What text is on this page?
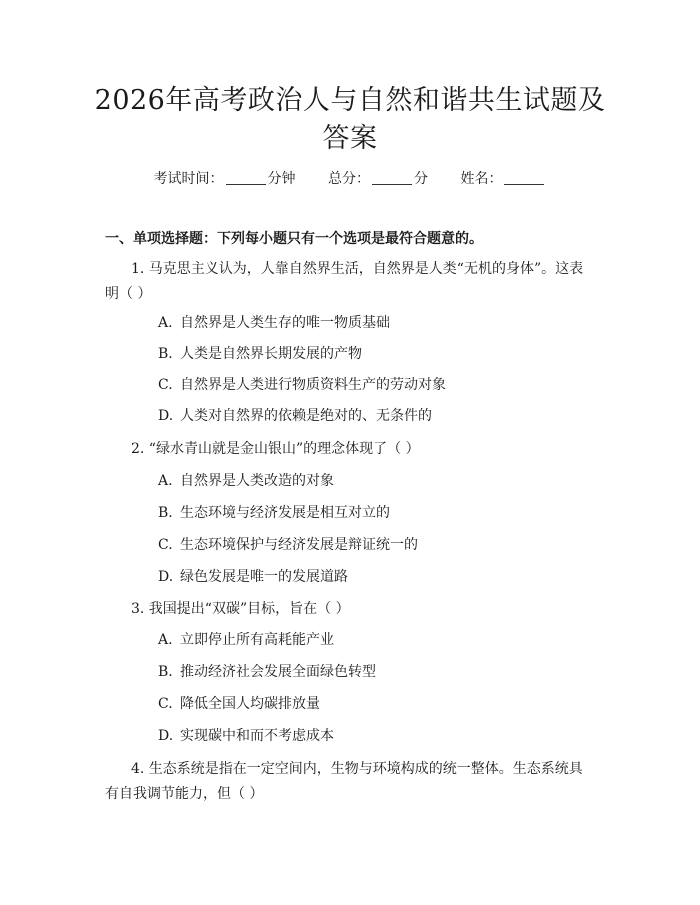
2026年高考政治人与自然和谐共生试题及答案
考试时间：	分钟 总分：	分 姓名：
一、单项选择题：下列每小题只有一个选项是最符合题意的。
1. 马克思主义认为，人靠自然界生活，自然界是人类“无机的身体”。这表明（ ）
A. 自然界是人类生存的唯一物质基础
B. 人类是自然界长期发展的产物
C. 自然界是人类进行物质资料生产的劳动对象
D. 人类对自然界的依赖是绝对的、无条件的
2. “绿水青山就是金山银山”的理念体现了（ ）
A. 自然界是人类改造的对象
B. 生态环境与经济发展是相互对立的
C. 生态环境保护与经济发展是辩证统一的
D. 绿色发展是唯一的发展道路
3. 我国提出“双碳”目标，旨在（ ）
A. 立即停止所有高耗能产业
B. 推动经济社会发展全面绿色转型
C. 降低全国人均碳排放量
D. 实现碳中和而不考虑成本
4. 生态系统是指在一定空间内，生物与环境构成的统一整体。生态系统具有自我调节能力，但（ ）
